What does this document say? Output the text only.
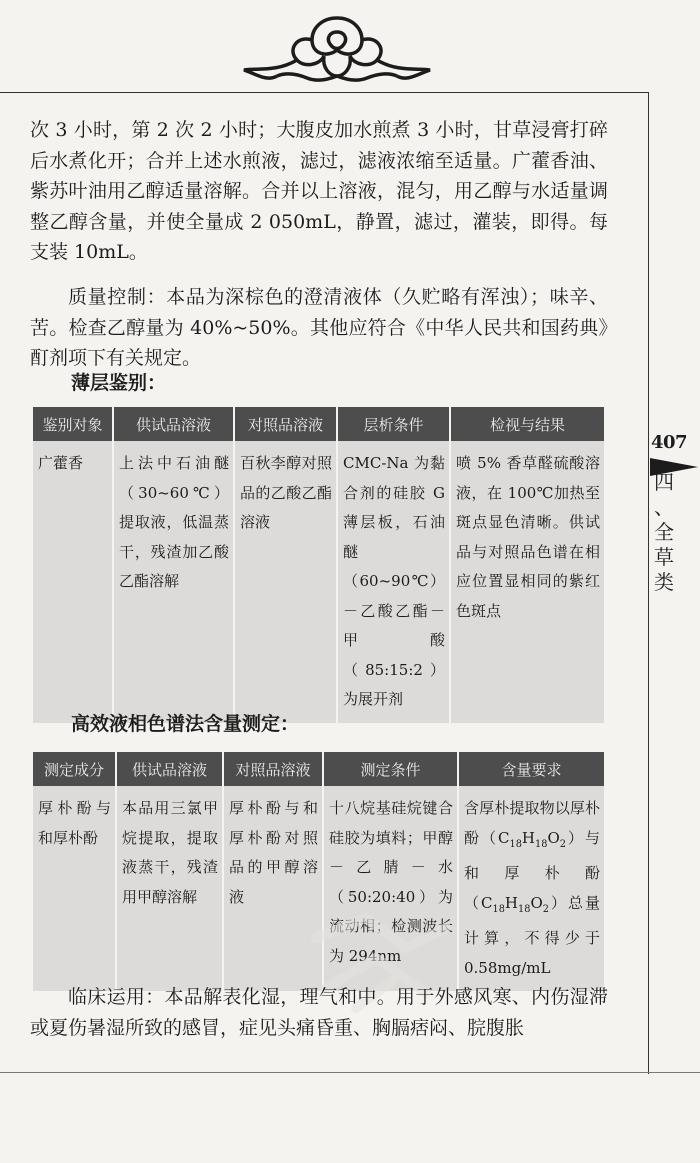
407
四
、
全
草
类

次 3 小时，第 2 次 2 小时；大腹皮加水煎煮 3 小时，甘草浸膏打碎后水煮化开；合并上述水煎液，滤过，滤液浓缩至适量。广藿香油、紫苏叶油用乙醇适量溶解。合并以上溶液，混匀，用乙醇与水适量调整乙醇含量，并使全量成 2 050mL，静置，滤过，灌装，即得。每支装 10mL。

质量控制：本品为深棕色的澄清液体（久贮略有浑浊）；味辛、苦。检查乙醇量为 40%~50%。其他应符合《中华人民共和国药典》酊剂项下有关规定。

薄层鉴别：

鉴别对象	供试品溶液	对照品溶液	层析条件	检视与结果
广藿香	上法中石油醚（30~60℃）提取液，低温蒸干，残渣加乙酸乙酯溶解	百秋李醇对照品的乙酸乙酯溶液	CMC-Na 为黏合剂的硅胶 G 薄层板，石油醚（60~90℃）－乙酸乙酯－甲酸（85:15:2）为展开剂	喷 5% 香草醛硫酸溶液，在 100℃加热至斑点显色清晰。供试品与对照品色谱在相应位置显相同的紫红色斑点

高效液相色谱法含量测定：

测定成分	供试品溶液	对照品溶液	测定条件	含量要求
厚朴酚与和厚朴酚	本品用三氯甲烷提取，提取液蒸干，残渣用甲醇溶解	厚朴酚与和厚朴酚对照品的甲醇溶液	十八烷基硅烷键合硅胶为填料；甲醇－乙腈－水（50:20:40）为流动相；检测波长为 294nm	含厚朴提取物以厚朴酚$(C_{18}H_{18}O_2)$与和厚朴酚$(C_{18}H_{18}O_2)$总量计算，不得少于 0.58mg/mL

临床运用：本品解表化湿，理气和中。用于外感风寒、内伤湿滞或夏伤暑湿所致的感冒，症见头痛昏重、胸膈痞闷、脘腹胀
